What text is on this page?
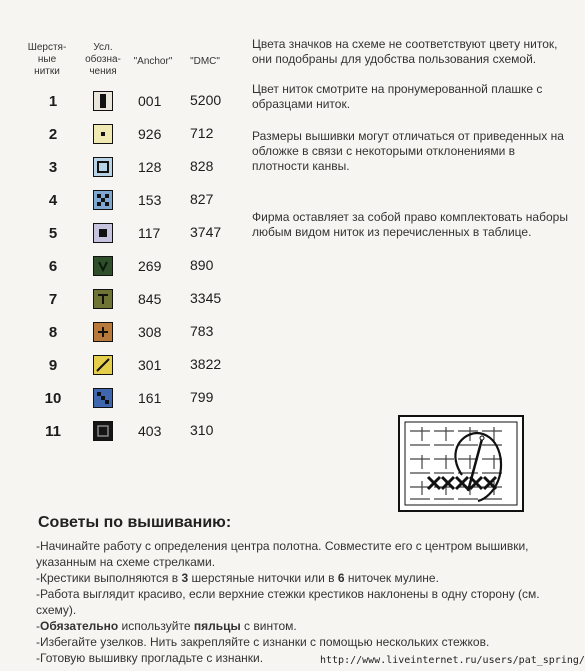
Шерстя-
ные
нитки
Усл.
обозна-
чения
"Anchor"	"DMC"
1	001 5200
2	926 712
3	128 828
4	153 827
5	117 3747
6	269 890
7	845 3345
8	308 783
9	301 3822
10	161 799
11	403 310
Цвета значков на схеме не соответствуют цвету ниток, они подобраны для удобства пользования схемой.
Цвет ниток смотрите на пронумерованной плашке с образцами ниток.
Размеры вышивки могут отличаться от приведенных на обложке в связи с некоторыми отклонениями в плотности канвы.
Фирма оставляет за собой право комплектовать наборы любым видом ниток из перечисленных в таблице.
Советы по вышиванию:

-Начинайте работу с определения центра полотна. Совместите его с центром вышивки, указанным на схеме стрелками.

-Крестики выполняются в 3 шерстяные ниточки или в 6 ниточек мулине.

-Работа выглядит красиво, если верхние стежки крестиков наклонены в одну сторону (см. схему).

-Обязательно используйте пяльцы с винтом.

-Избегайте узелков. Нить закрепляйте с изнанки с помощью нескольких стежков.

-Готовую вышивку прогладьте с изнанки.	http://www.liveinternet.ru/users/pat_spring/
